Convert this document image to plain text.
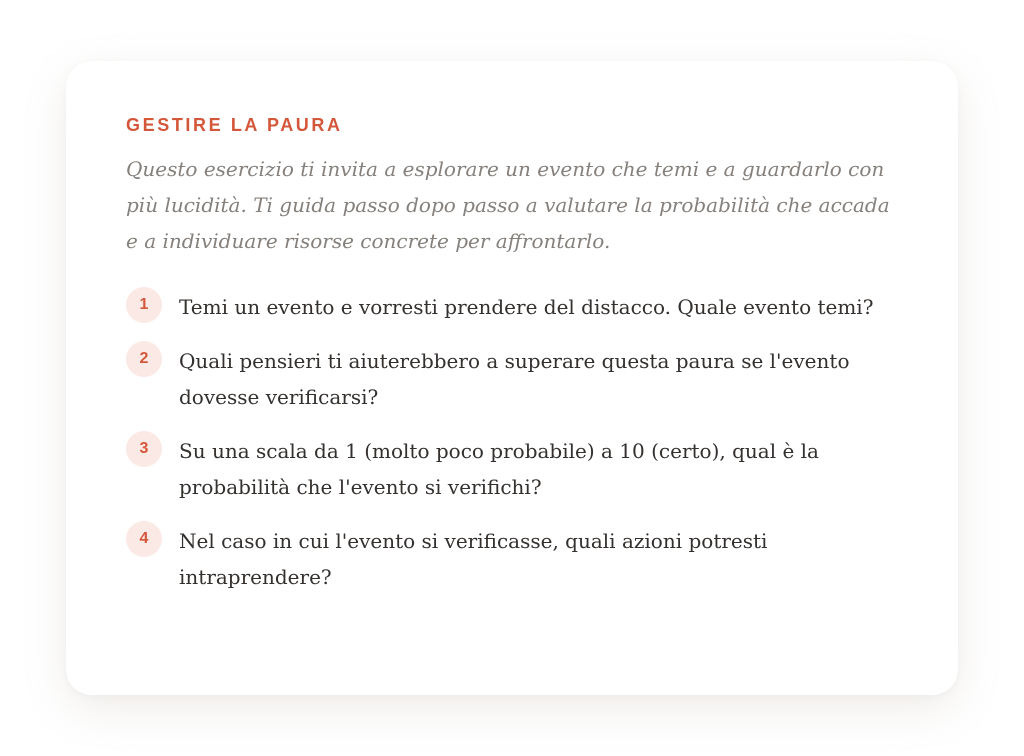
GESTIRE LA PAURA

Questo esercizio ti invita a esplorare un evento che temi e a guardarlo con più lucidità. Ti guida passo dopo passo a valutare la probabilità che accada e a individuare risorse concrete per affrontarlo.

1	Temi un evento e vorresti prendere del distacco. Quale evento temi?
2	Quali pensieri ti aiuterebbero a superare questa paura se l'evento dovesse verificarsi?
3	Su una scala da 1 (molto poco probabile) a 10 (certo), qual è la probabilità che l'evento si verifichi?
4	Nel caso in cui l'evento si verificasse, quali azioni potresti intraprendere?
